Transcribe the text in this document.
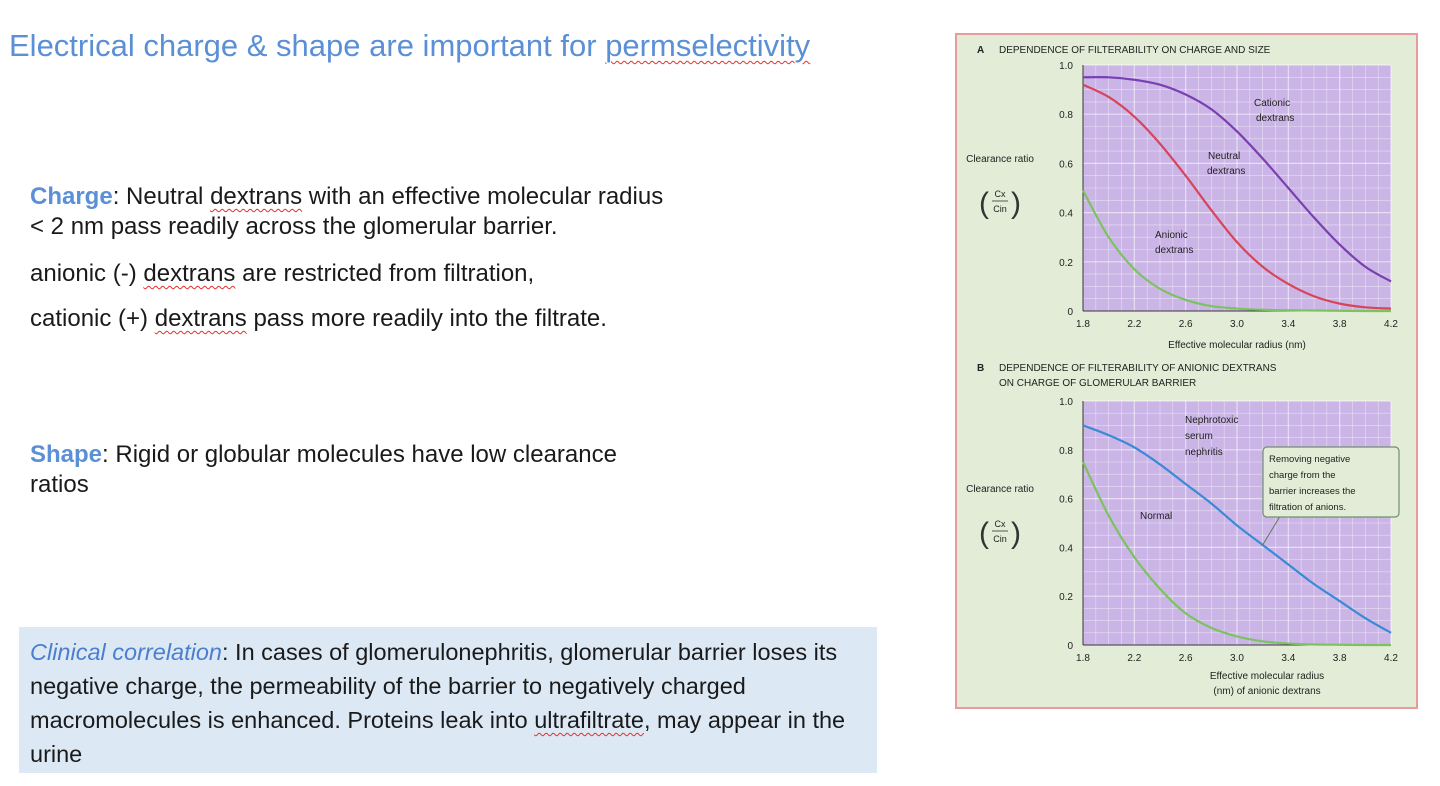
Electrical charge & shape are important for permselectivity
Charge: Neutral dextrans with an effective molecular radius
< 2 nm pass readily across the glomerular barrier.
anionic (-) dextrans are restricted from filtration,
cationic (+) dextrans pass more readily into the filtrate.
Shape: Rigid or globular molecules have low clearance
ratios
Clinical correlation: In cases of glomerulonephritis, glomerular barrier loses its negative charge, the permeability of the barrier to negatively charged macromolecules is enhanced. Proteins leak into ultrafiltrate, may appear in the urine
A DEPENDENCE OF FILTERABILITY ON CHARGE AND SIZE
0
0.2
0.4
0.6
0.8
1.0
1.8	2.2	2.6	3.0	3.4	3.8	4.2
Effective molecular radius (nm)
Clearance ratio
( )
Cx
Cin
Cationic
dextrans
Neutral
dextrans
Anionic
dextrans
B DEPENDENCE OF FILTERABILITY OF ANIONIC DEXTRANS
ON CHARGE OF GLOMERULAR BARRIER
0
0.2
0.4
0.6
0.8
1.0
1.8	2.2	2.6	3.0	3.4	3.8	4.2
Effective molecular radius
(nm) of anionic dextrans
Clearance ratio
( )
Cx
Cin
Nephrotoxic
serum
nephritis
Normal
Removing negative
charge from the
barrier increases the
filtration of anions.
